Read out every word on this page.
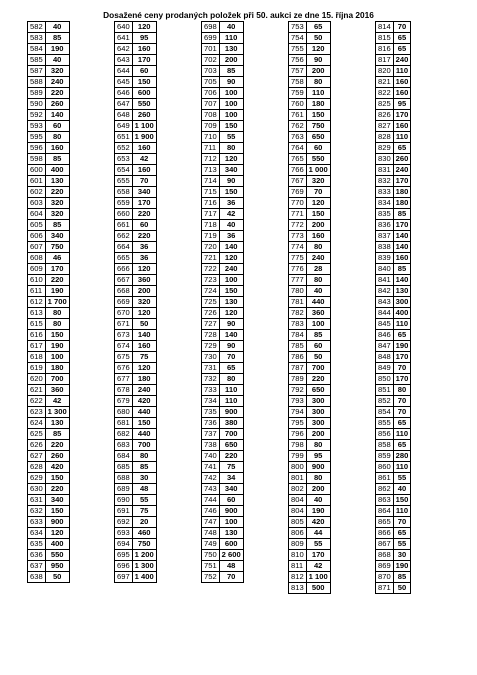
Dosažené ceny prodaných položek při 50. aukci ze dne 15. října 2016
582	40
583	85
584	190
585	40
587	320
588	240
589	220
590	260
592	140
593	60
595	80
596	160
598	85
600	400
601	130
602	220
603	320
604	320
605	85
606	340
607	750
608	46
609	170
610	220
611	190
612	1 700
613	80
615	80
616	150
617	190
618	100
619	180
620	700
621	360
622	42
623	1 300
624	130
625	85
626	220
627	260
628	420
629	150
630	220
631	340
632	150
633	900
634	120
635	400
636	550
637	950
638	50
640	120
641	95
642	160
643	170
644	60
645	150
646	600
647	550
648	260
649	1 100
651	1 900
652	160
653	42
654	160
655	70
658	340
659	170
660	220
661	60
662	220
664	36
665	36
666	120
667	360
668	200
669	320
670	120
671	50
673	140
674	160
675	75
676	120
677	180
678	240
679	420
680	440
681	150
682	440
683	700
684	80
685	85
688	30
689	48
690	55
691	75
692	20
693	460
694	750
695	1 200
696	1 300
697	1 400
698	40
699	110
701	130
702	200
703	85
705	90
706	100
707	100
708	100
709	150
710	55
711	80
712	120
713	340
714	90
715	150
716	36
717	42
718	40
719	36
720	140
721	120
722	240
723	100
724	150
725	130
726	120
727	90
728	140
729	90
730	70
731	65
732	80
733	110
734	110
735	900
736	380
737	700
738	650
740	220
741	75
742	34
743	340
744	60
746	900
747	100
748	130
749	600
750	2 600
751	48
752	70
753	65
754	50
755	120
756	90
757	200
758	80
759	110
760	180
761	150
762	750
763	650
764	60
765	550
766	1 000
767	320
769	70
770	120
771	150
772	200
773	160
774	80
775	240
776	28
777	80
780	40
781	440
782	360
783	100
784	85
785	60
786	50
787	700
789	220
792	650
793	300
794	300
795	300
796	200
798	80
799	95
800	900
801	80
802	200
804	40
804	190
805	420
806	44
809	55
810	170
811	42
812	1 100
813	500
814	70
815	65
816	65
817	240
820	110
821	160
822	160
825	95
826	170
827	160
828	110
829	65
830	260
831	240
832	170
833	180
834	180
835	85
836	170
837	140
838	140
839	160
840	85
841	140
842	130
843	300
844	400
845	110
846	65
847	190
848	170
849	70
850	170
851	80
852	70
854	70
855	65
856	110
858	65
859	280
860	110
861	55
862	40
863	150
864	110
865	70
866	65
867	55
868	30
869	190
870	85
871	50
